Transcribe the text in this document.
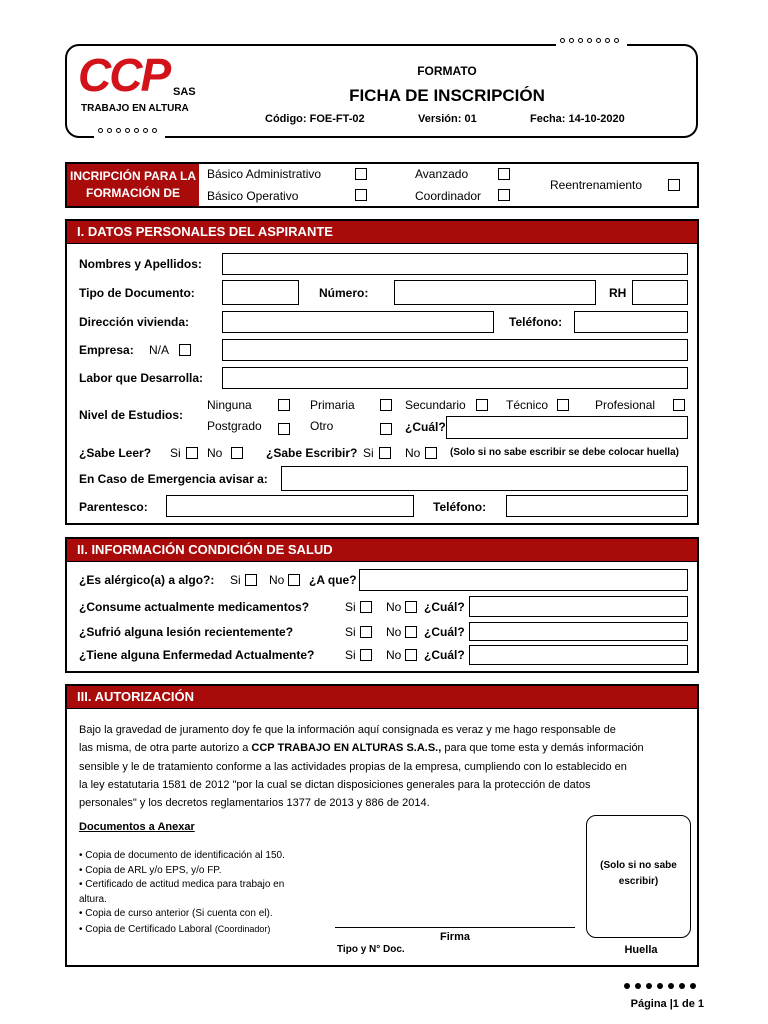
CCP SAS
TRABAJO EN ALTURA
FORMATO
FICHA DE INSCRIPCIÓN
Código: FOE-FT-02	Versión: 01	Fecha: 14-10-2020
INCRIPCIÓN PARA LA
FORMACIÓN DE
Básico Administrativo
Básico Operativo
Avanzado
Coordinador
Reentrenamiento
I. DATOS PERSONALES DEL ASPIRANTE
Nombres y Apellidos:
Tipo de Documento:	Número:	RH
Dirección vivienda:	Teléfono:
Empresa: N/A
Labor que Desarrolla:
Nivel de Estudios:
Ninguna	Primaria	Secundario	Técnico	Profesional
Postgrado	Otro	¿Cuál?
¿Sabe Leer? Si No	¿Sabe Escribir? Si	No	(Solo si no sabe escribir se debe colocar huella)
En Caso de Emergencia avisar a:
Parentesco:	Teléfono:
II. INFORMACIÓN CONDICIÓN DE SALUD
¿Es alérgico(a) a algo?: Si No ¿A que?
¿Consume actualmente medicamentos?	Si	No ¿Cuál?
¿Sufrió alguna lesión recientemente?	Si	No ¿Cuál?
¿Tiene alguna Enfermedad Actualmente?	Si	No ¿Cuál?
III. AUTORIZACIÓN
Bajo la gravedad de juramento doy fe que la información aquí consignada es veraz y me hago responsable de
las misma, de otra parte autorizo a CCP TRABAJO EN ALTURAS S.A.S., para que tome esta y demás información
sensible y le de tratamiento conforme a las actividades propias de la empresa, cumpliendo con lo establecido en
la ley estatutaria 1581 de 2012 "por la cual se dictan disposiciones generales para la protección de datos
personales" y los decretos reglamentarios 1377 de 2013 y 886 de 2014.
Documentos a Anexar
• Copia de documento de identificación al 150.
• Copia de ARL y/o EPS, y/o FP.
• Certificado de actitud medica para trabajo en
altura.
• Copia de curso anterior (Si cuenta con el).
• Copia de Certificado Laboral (Coordinador)
Firma
Tipo y N° Doc.
(Solo si no sabe
escribir)
Huella
Página |1 de 1
